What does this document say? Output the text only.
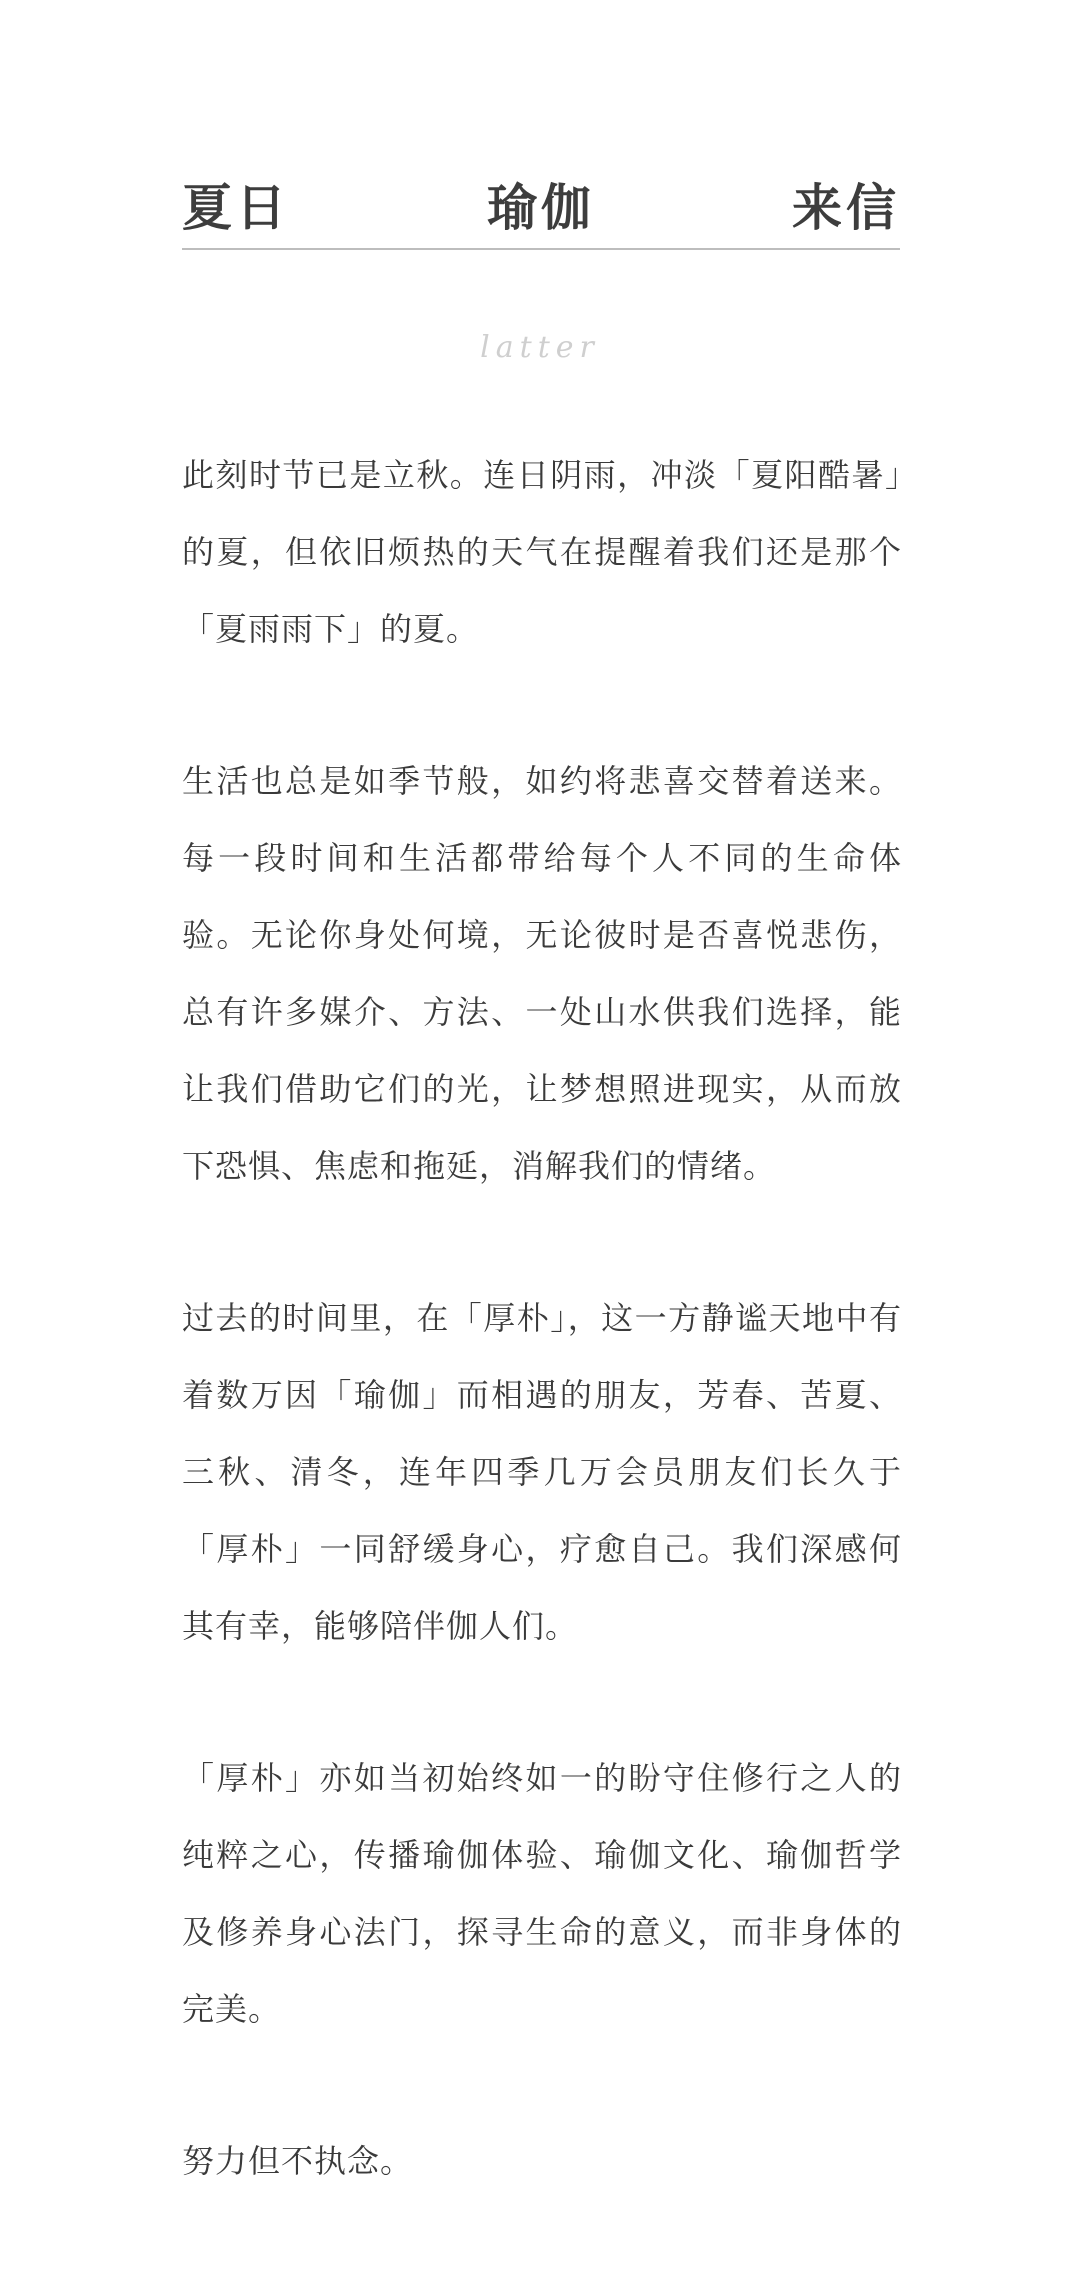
夏日	瑜伽	来信
latter

此刻时节已是立秋。连日阴雨，冲淡「夏阳酷暑」的夏，但依旧烦热的天气在提醒着我们还是那个「夏雨雨下」的夏。

生活也总是如季节般，如约将悲喜交替着送来。每一段时间和生活都带给每个人不同的生命体验。无论你身处何境，无论彼时是否喜悦悲伤，总有许多媒介、方法、一处山水供我们选择，能让我们借助它们的光，让梦想照进现实，从而放下恐惧、焦虑和拖延，消解我们的情绪。

过去的时间里，在「厚朴」，这一方静谧天地中有着数万因「瑜伽」而相遇的朋友，芳春、苦夏、三秋、清冬，连年四季几万会员朋友们长久于「厚朴」一同舒缓身心，疗愈自己。我们深感何其有幸，能够陪伴伽人们。

「厚朴」亦如当初始终如一的盼守住修行之人的纯粹之心，传播瑜伽体验、瑜伽文化、瑜伽哲学及修养身心法门，探寻生命的意义，而非身体的完美。

努力但不执念。
